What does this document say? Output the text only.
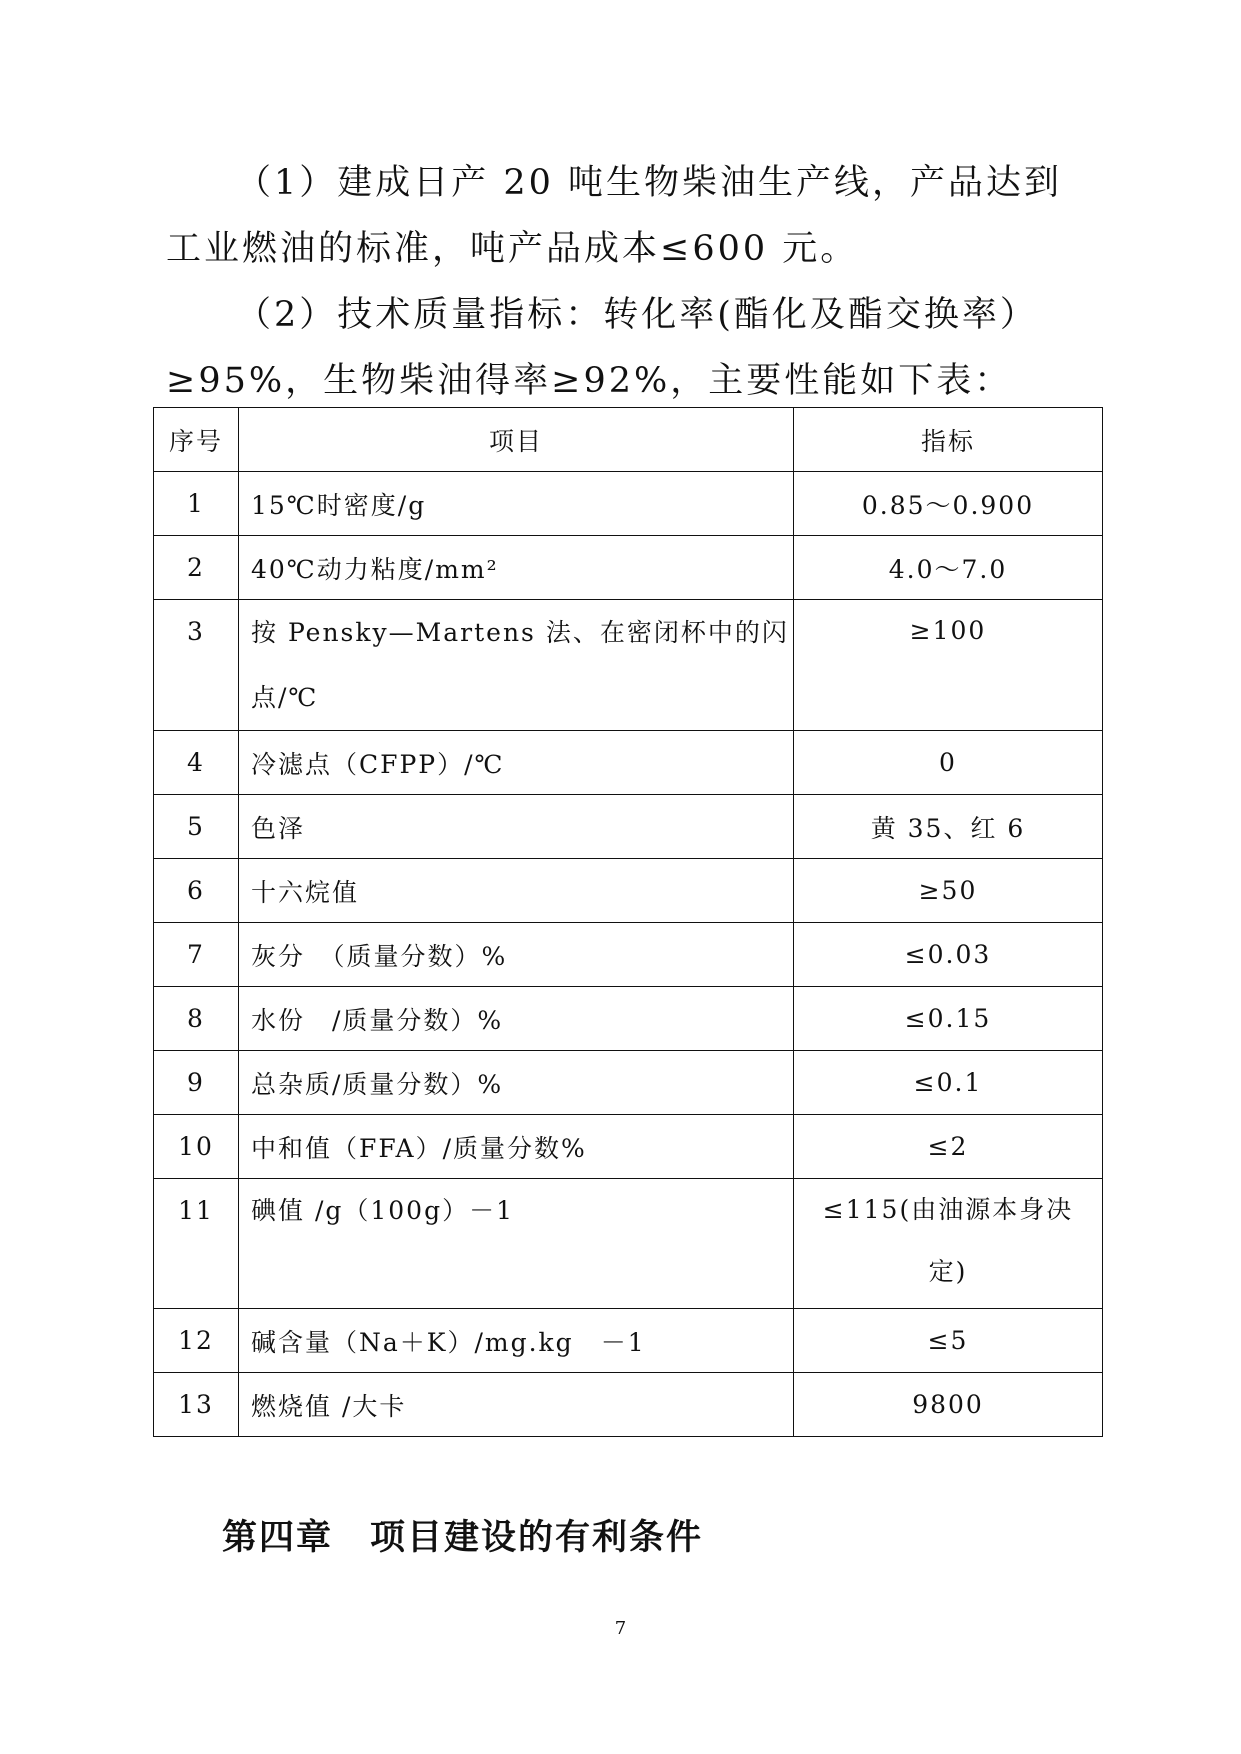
（1）建成日产 20 吨生物柴油生产线，产品达到工业燃油的标准，吨产品成本≤600 元。

（2）技术质量指标：转化率(酯化及酯交换率）≥95%，生物柴油得率≥92%，主要性能如下表：

序号	项目	指标
1	15℃时密度/g	0.85～0.900
2	40℃动力粘度/mm²	4.0～7.0
3	按 Pensky—Martens 法、在密闭杯中的闪点/℃	≥100
4	冷滤点（CFPP）/℃	0
5	色泽	黄 35、红 6
6	十六烷值	≥50
7	灰分　（质量分数）%	≤0.03
8	水份　/质量分数）%	≤0.15
9	总杂质/质量分数）%	≤0.1
10	中和值（FFA）/质量分数%	≤2
11	碘值 /g（100g）－1	≤115(由油源本身决定)
12	碱含量（Na＋K）/mg.kg　－1	≤5
13	燃烧值 /大卡	9800
第四章　项目建设的有利条件
7
